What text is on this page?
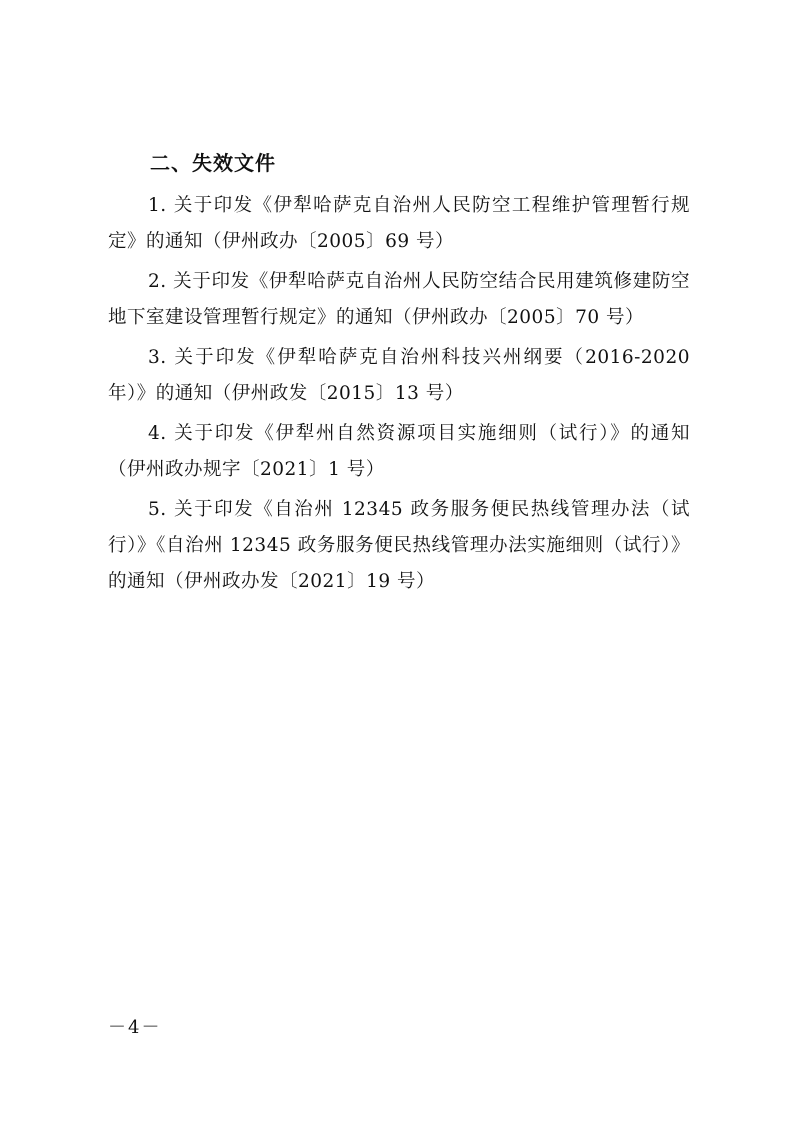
二、失效文件

1. 关于印发《伊犁哈萨克自治州人民防空工程维护管理暂行规定》的通知（伊州政办〔2005〕69 号）

2. 关于印发《伊犁哈萨克自治州人民防空结合民用建筑修建防空地下室建设管理暂行规定》的通知（伊州政办〔2005〕70 号）

3. 关于印发《伊犁哈萨克自治州科技兴州纲要（2016-2020 年）》的通知（伊州政发〔2015〕13 号）

4. 关于印发《伊犁州自然资源项目实施细则（试行）》的通知（伊州政办规字〔2021〕1 号）

5. 关于印发《自治州 12345 政务服务便民热线管理办法（试行）》《自治州 12345 政务服务便民热线管理办法实施细则（试行）》的通知（伊州政办发〔2021〕19 号）

－4－
